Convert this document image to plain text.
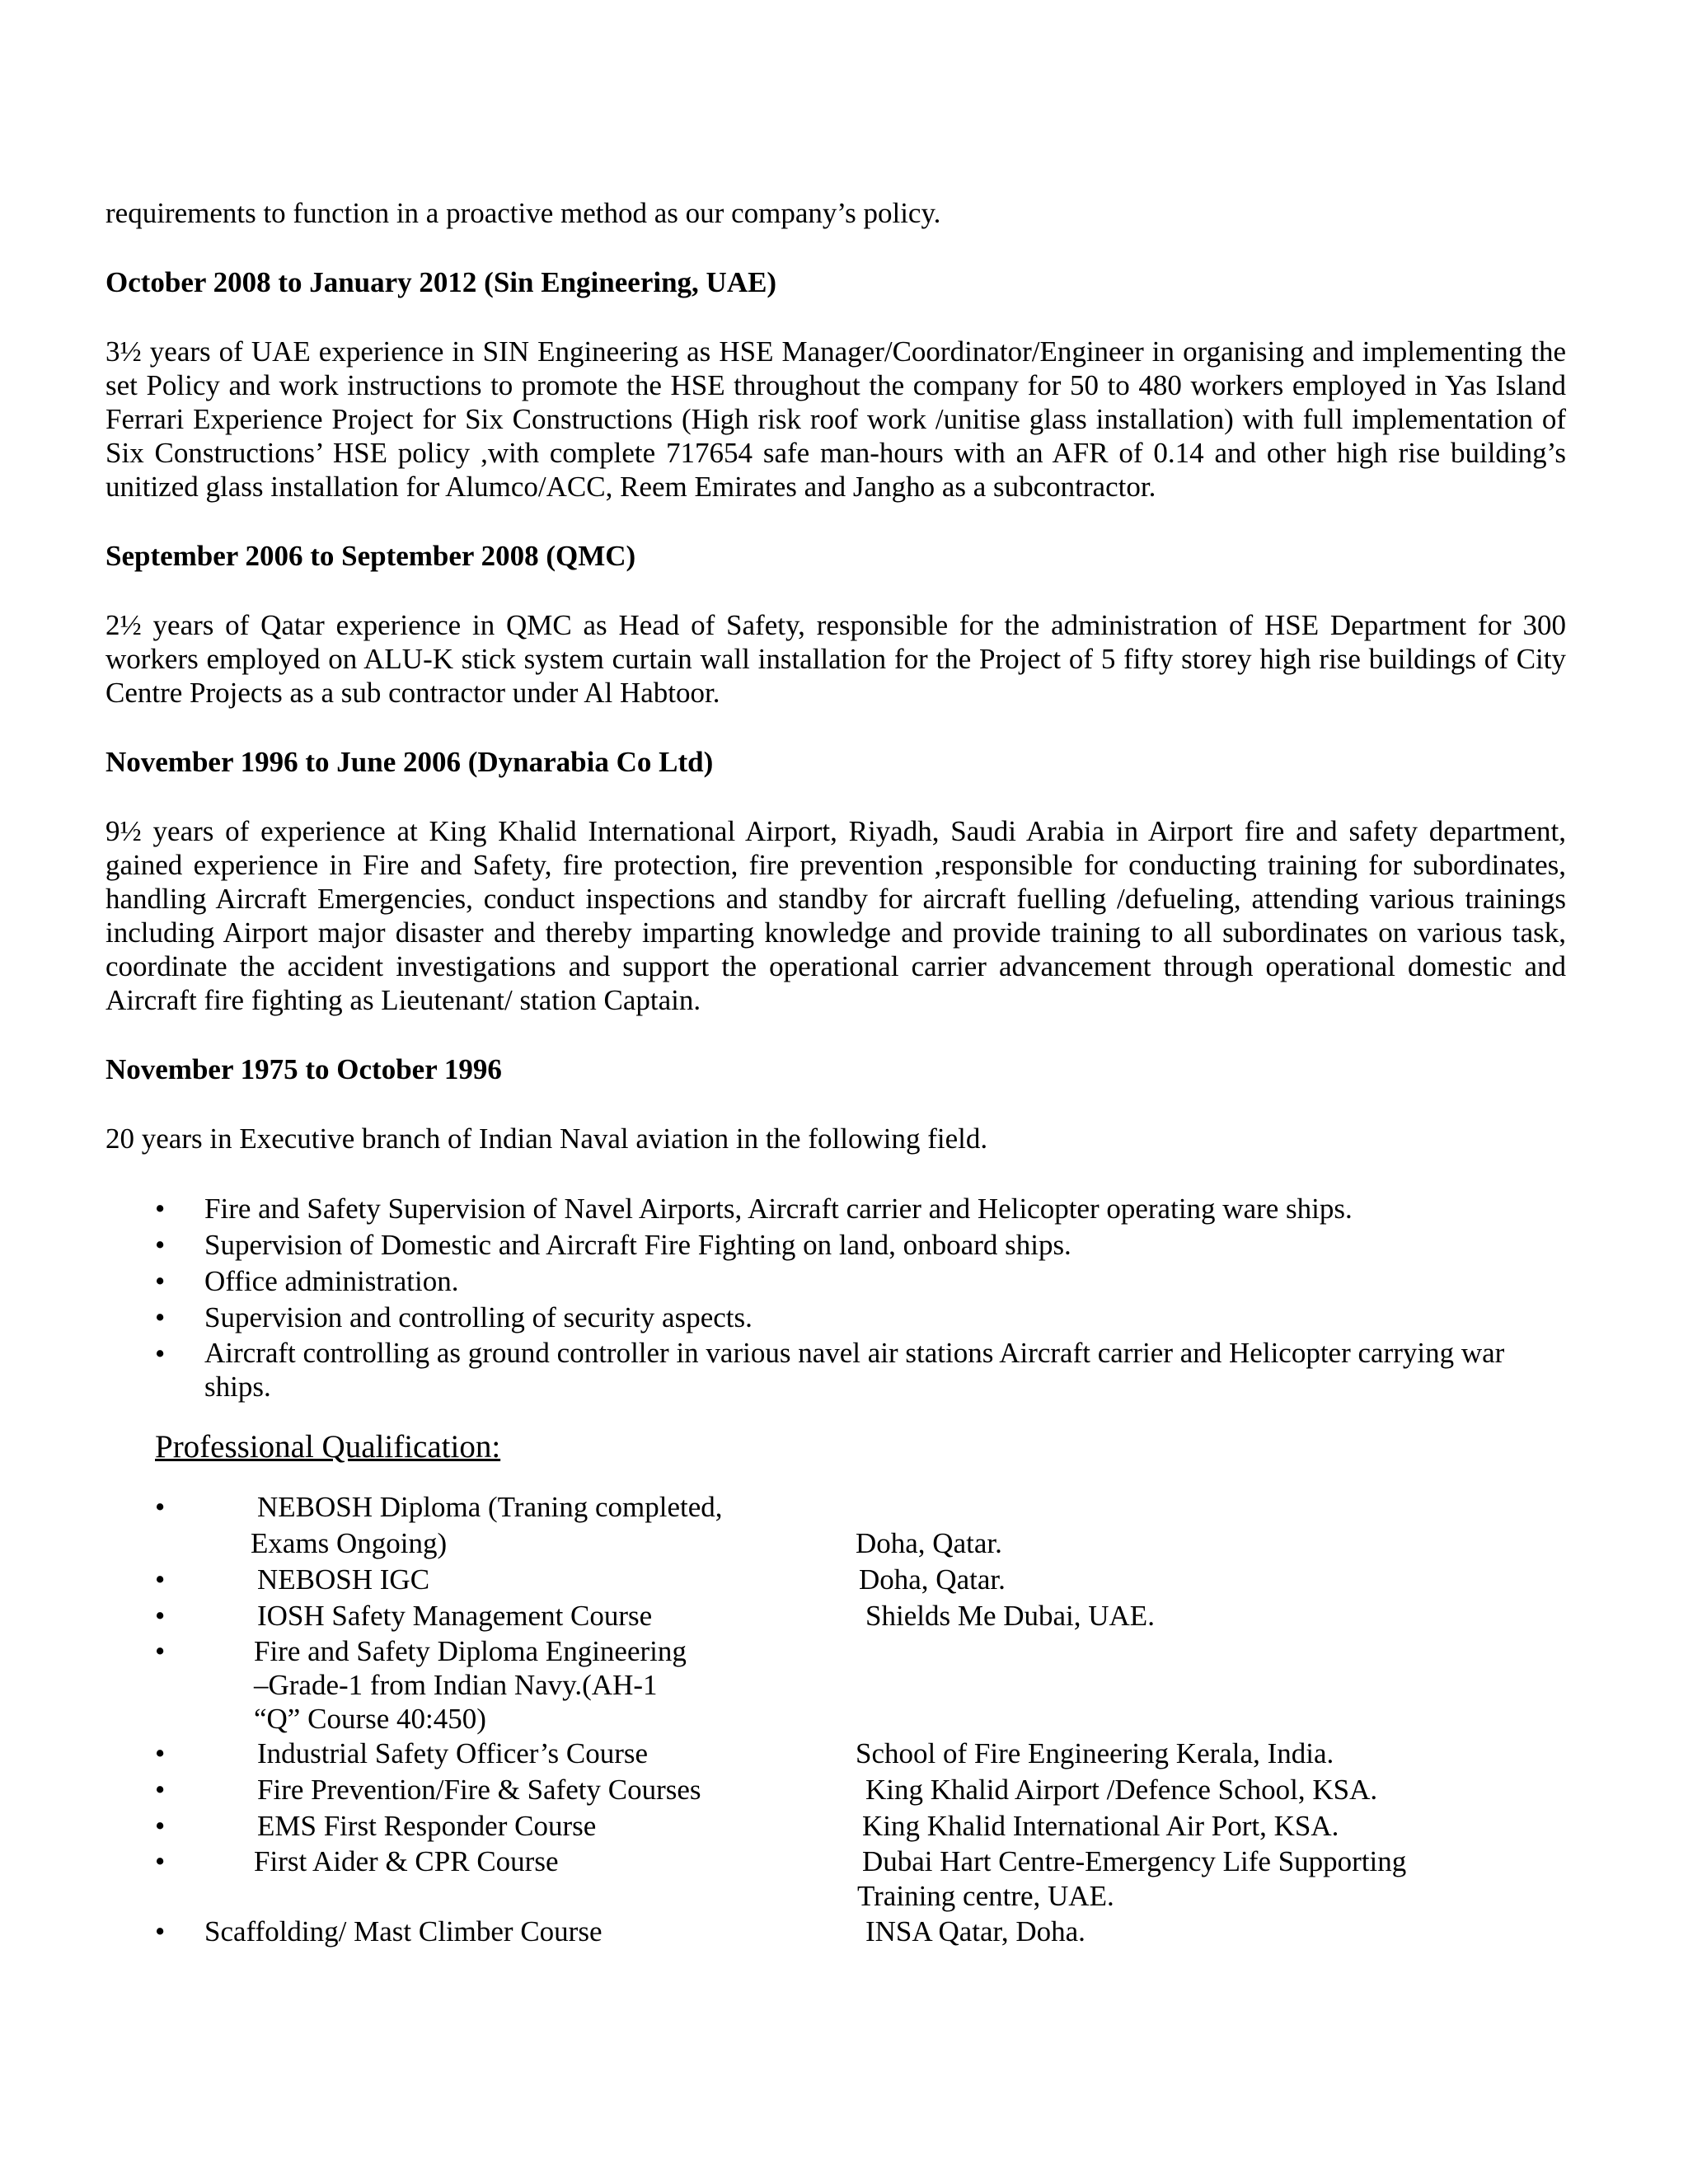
requirements to function in a proactive method as our company’s policy.

October 2008 to January 2012 (Sin Engineering, UAE)

3½ years of UAE experience in SIN Engineering as HSE Manager/Coordinator/Engineer in organising and implementing the set Policy and work instructions to promote the HSE throughout the company for 50 to 480 workers employed in Yas Island Ferrari Experience Project for Six Constructions (High risk roof work /unitise glass installation) with full implementation of Six Constructions’ HSE policy ,with complete 717654 safe man-hours with an AFR of 0.14 and other high rise building’s unitized glass installation for Alumco/ACC, Reem Emirates and Jangho as a subcontractor.

September 2006 to September 2008 (QMC)

2½ years of Qatar experience in QMC as Head of Safety, responsible for the administration of HSE Department for 300 workers employed on ALU-K stick system curtain wall installation for the Project of 5 fifty storey high rise buildings of City Centre Projects as a sub contractor under Al Habtoor.

November 1996 to June 2006 (Dynarabia Co Ltd)

9½ years of experience at King Khalid International Airport, Riyadh, Saudi Arabia in Airport fire and safety department, gained experience in Fire and Safety, fire protection, fire prevention ,responsible for conducting training for subordinates, handling Aircraft Emergencies, conduct inspections and standby for aircraft fuelling /defueling, attending various trainings including Airport major disaster and thereby imparting knowledge and provide training to all subordinates on various task, coordinate the accident investigations and support the operational carrier advancement through operational domestic and Aircraft fire fighting as Lieutenant/ station Captain.

November 1975 to October 1996

20 years in Executive branch of Indian Naval aviation in the following field.

• Fire and Safety Supervision of Navel Airports, Aircraft carrier and Helicopter operating ware ships.
• Supervision of Domestic and Aircraft Fire Fighting on land, onboard ships.
• Office administration.
• Supervision and controlling of security aspects.
• Aircraft controlling as ground controller in various navel air stations Aircraft carrier and Helicopter carrying war ships.

Professional Qualification:

•	NEBOSH Diploma (Traning completed,
Exams Ongoing)	Doha, Qatar.
•	NEBOSH IGC	Doha, Qatar.
•	IOSH Safety Management Course	Shields Me Dubai, UAE.
•	Fire and Safety Diploma Engineering
–Grade-1 from Indian Navy.(AH-1
“Q” Course 40:450)
•	Industrial Safety Officer’s Course	School of Fire Engineering Kerala, India.
•	Fire Prevention/Fire & Safety Courses	King Khalid Airport /Defence School, KSA.
•	EMS First Responder Course	King Khalid International Air Port, KSA.
•	First Aider & CPR Course	Dubai Hart Centre-Emergency Life Supporting
Training centre, UAE.
• Scaffolding/ Mast Climber Course	INSA Qatar, Doha.
